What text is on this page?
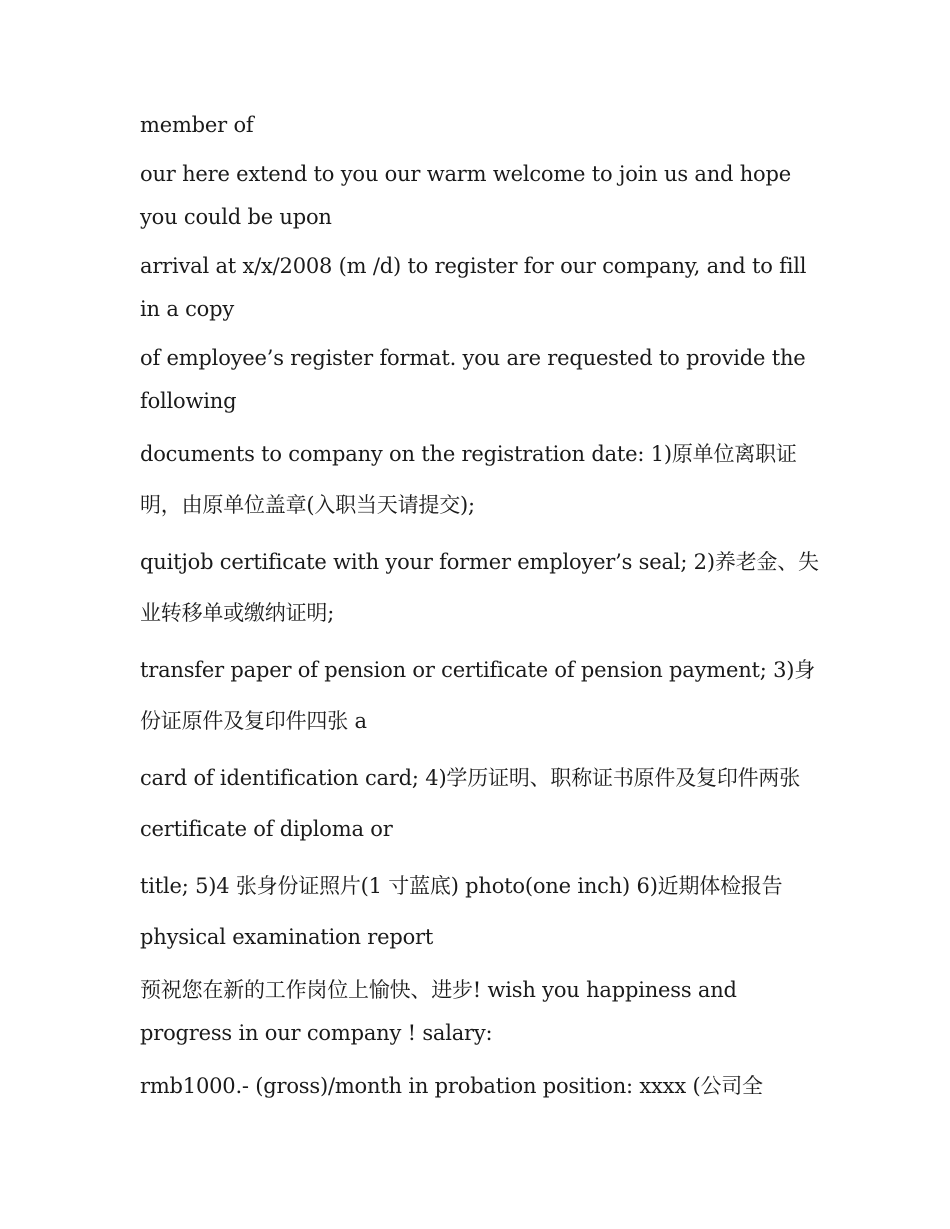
member of

our here extend to you our warm welcome to join us and hope you could be upon

arrival at x/x/2008 (m /d) to register for our company, and to fill in a copy

of employee’s register format. you are requested to provide the following

documents to company on the registration date: 1)原单位离职证明，由原单位盖章(入职当天请提交);

quitjob certificate with your former employer’s seal; 2)养老金、失业转移单或缴纳证明;

transfer paper of pension or certificate of pension payment; 3)身份证原件及复印件四张 a

card of identification card; 4)学历证明、职称证书原件及复印件两张 certificate of diploma or

title; 5)4 张身份证照片(1 寸蓝底) photo(one inch) 6)近期体检报告 physical examination report

预祝您在新的工作岗位上愉快、进步! wish you happiness and progress in our company ! salary:

rmb1000.- (gross)/month in probation position: xxxx (公司全
